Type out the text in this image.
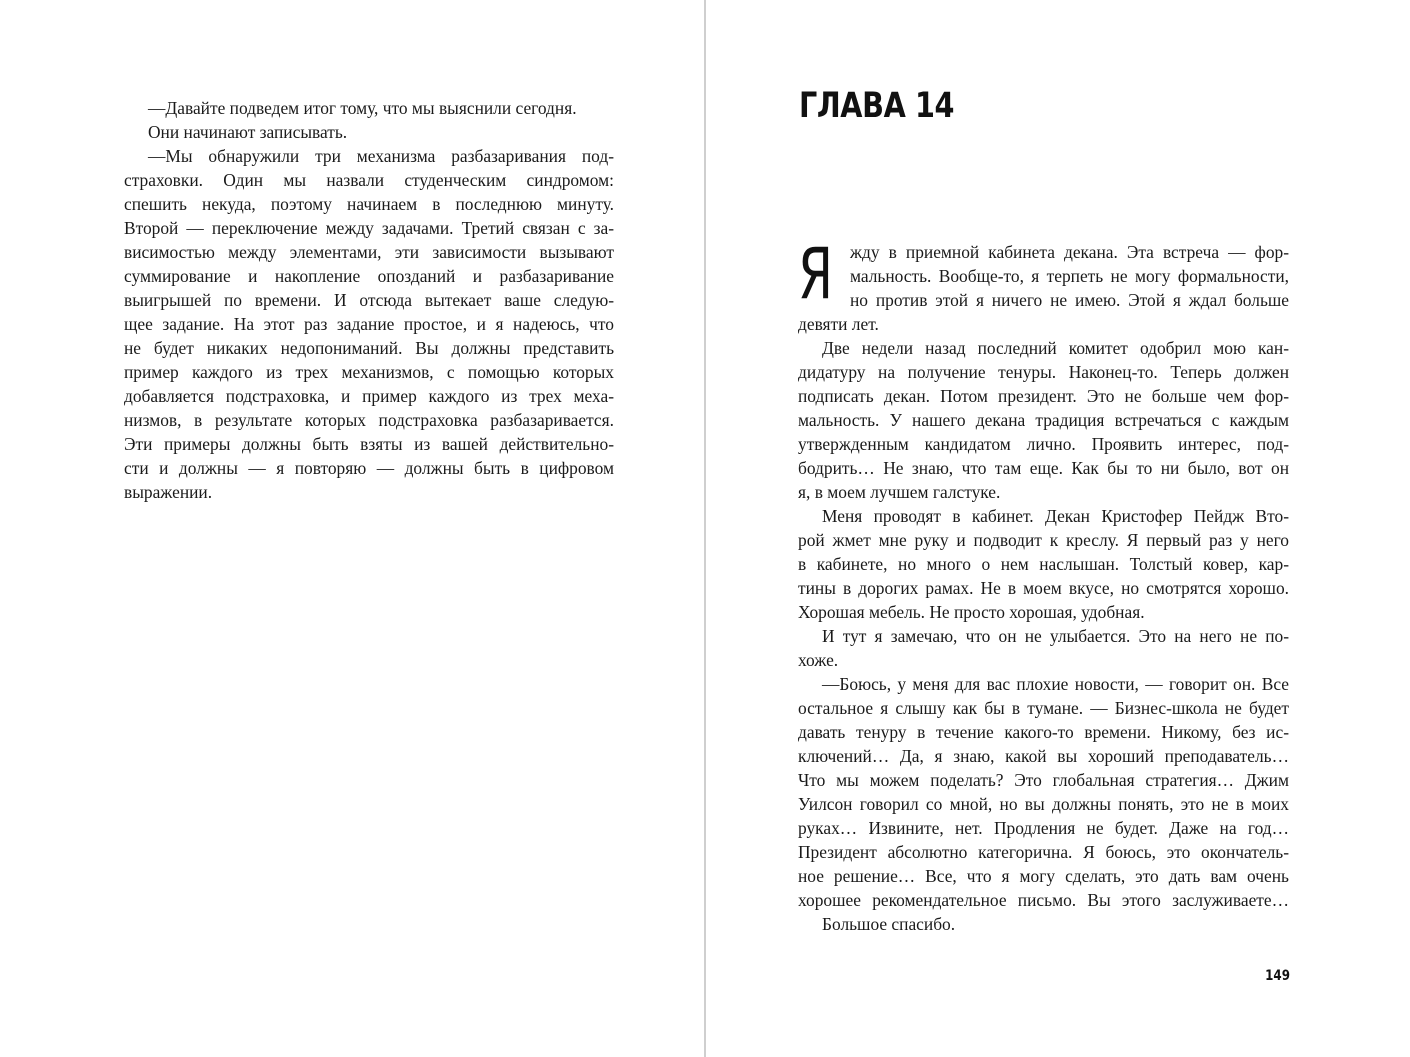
—Давайте подведем итог тому, что мы выяснили сегодня.
Они начинают записывать.
—Мы обнаружили три механизма разбазаривания под-
страховки. Один мы назвали студенческим синдромом:
спешить некуда, поэтому начинаем в последнюю минуту.
Второй — переключение между задачами. Третий связан с за-
висимостью между элементами, эти зависимости вызывают
суммирование и накопление опозданий и разбазаривание
выигрышей по времени. И отсюда вытекает ваше следую-
щее задание. На этот раз задание простое, и я надеюсь, что
не будет никаких недопониманий. Вы должны представить
пример каждого из трех механизмов, с помощью которых
добавляется подстраховка, и пример каждого из трех меха-
низмов, в результате которых подстраховка разбазаривается.
Эти примеры должны быть взяты из вашей действительно-
сти и должны — я повторяю — должны быть в цифровом
выражении.
ГЛАВА 14
Я жду в приемной кабинета декана. Эта встреча — фор-
мальность. Вообще-то, я терпеть не могу формальности,
но против этой я ничего не имею. Этой я ждал больше
девяти лет.
Две недели назад последний комитет одобрил мою кан-
дидатуру на получение тенуры. Наконец-то. Теперь должен
подписать декан. Потом президент. Это не больше чем фор-
мальность. У нашего декана традиция встречаться с каждым
утвержденным кандидатом лично. Проявить интерес, под-
бодрить… Не знаю, что там еще. Как бы то ни было, вот он
я, в моем лучшем галстуке.
Меня проводят в кабинет. Декан Кристофер Пейдж Вто-
рой жмет мне руку и подводит к креслу. Я первый раз у него
в кабинете, но много о нем наслышан. Толстый ковер, кар-
тины в дорогих рамах. Не в моем вкусе, но смотрятся хорошо.
Хорошая мебель. Не просто хорошая, удобная.
И тут я замечаю, что он не улыбается. Это на него не по-
хоже.
—Боюсь, у меня для вас плохие новости, — говорит он. Все
остальное я слышу как бы в тумане. — Бизнес-школа не будет
давать тенуру в течение какого-то времени. Никому, без ис-
ключений… Да, я знаю, какой вы хороший преподаватель…
Что мы можем поделать? Это глобальная стратегия… Джим
Уилсон говорил со мной, но вы должны понять, это не в моих
руках… Извините, нет. Продления не будет. Даже на год…
Президент абсолютно категорична. Я боюсь, это окончатель-
ное решение… Все, что я могу сделать, это дать вам очень
хорошее рекомендательное письмо. Вы этого заслуживаете…
Большое спасибо.
149
